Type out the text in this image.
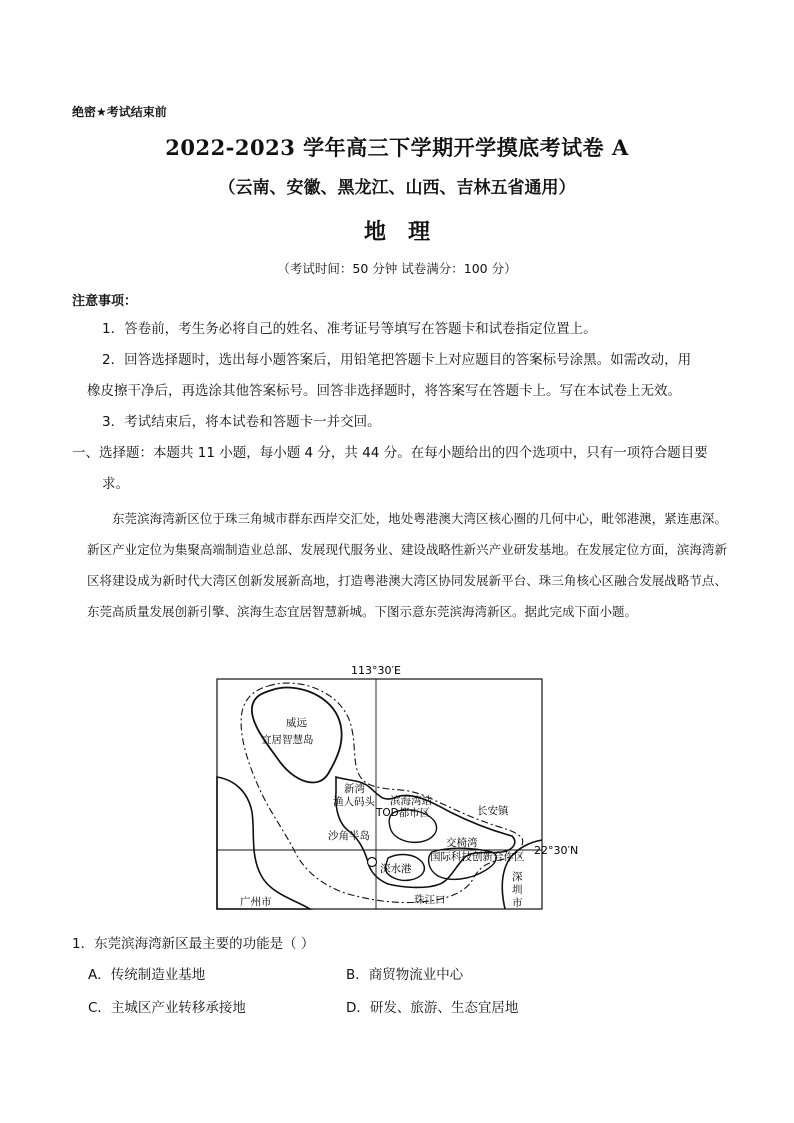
绝密★考试结束前
2022-2023 学年高三下学期开学摸底考试卷 A
（云南、安徽、黑龙江、山西、吉林五省通用）
地理
（考试时间：50 分钟 试卷满分：100 分）
注意事项：
1．答卷前，考生务必将自己的姓名、准考证号等填写在答题卡和试卷指定位置上。
2．回答选择题时，选出每小题答案后，用铅笔把答题卡上对应题目的答案标号涂黑。如需改动，用
橡皮擦干净后，再选涂其他答案标号。回答非选择题时，将答案写在答题卡上。写在本试卷上无效。
3．考试结束后，将本试卷和答题卡一并交回。
一、选择题：本题共 11 小题，每小题 4 分，共 44 分。在每小题给出的四个选项中，只有一项符合题目要
求。
东莞滨海湾新区位于珠三角城市群东西岸交汇处，地处粤港澳大湾区核心圈的几何中心，毗邻港澳，紧连惠深。新区产业定位为集聚高端制造业总部、发展现代服务业、建设战略性新兴产业研发基地。在发展定位方面，滨海湾新区将建设成为新时代大湾区创新发展新高地，打造粤港澳大湾区协同发展新平台、珠三角核心区融合发展战略节点、东莞高质量发展创新引擎、滨海生态宜居智慧新城。下图示意东莞滨海湾新区。据此完成下面小题。
113°30′E
22°30′N
威远
宜居智慧岛
新湾
渔人码头 滨海湾站
TOD都市区	长安镇
沙角半岛
交椅湾
国际科技创新合作区
深水港
广州市	珠江口
深
圳
市
1．东莞滨海湾新区最主要的功能是（ ）
A．传统制造业基地	B．商贸物流业中心
C．主城区产业转移承接地	D．研发、旅游、生态宜居地
